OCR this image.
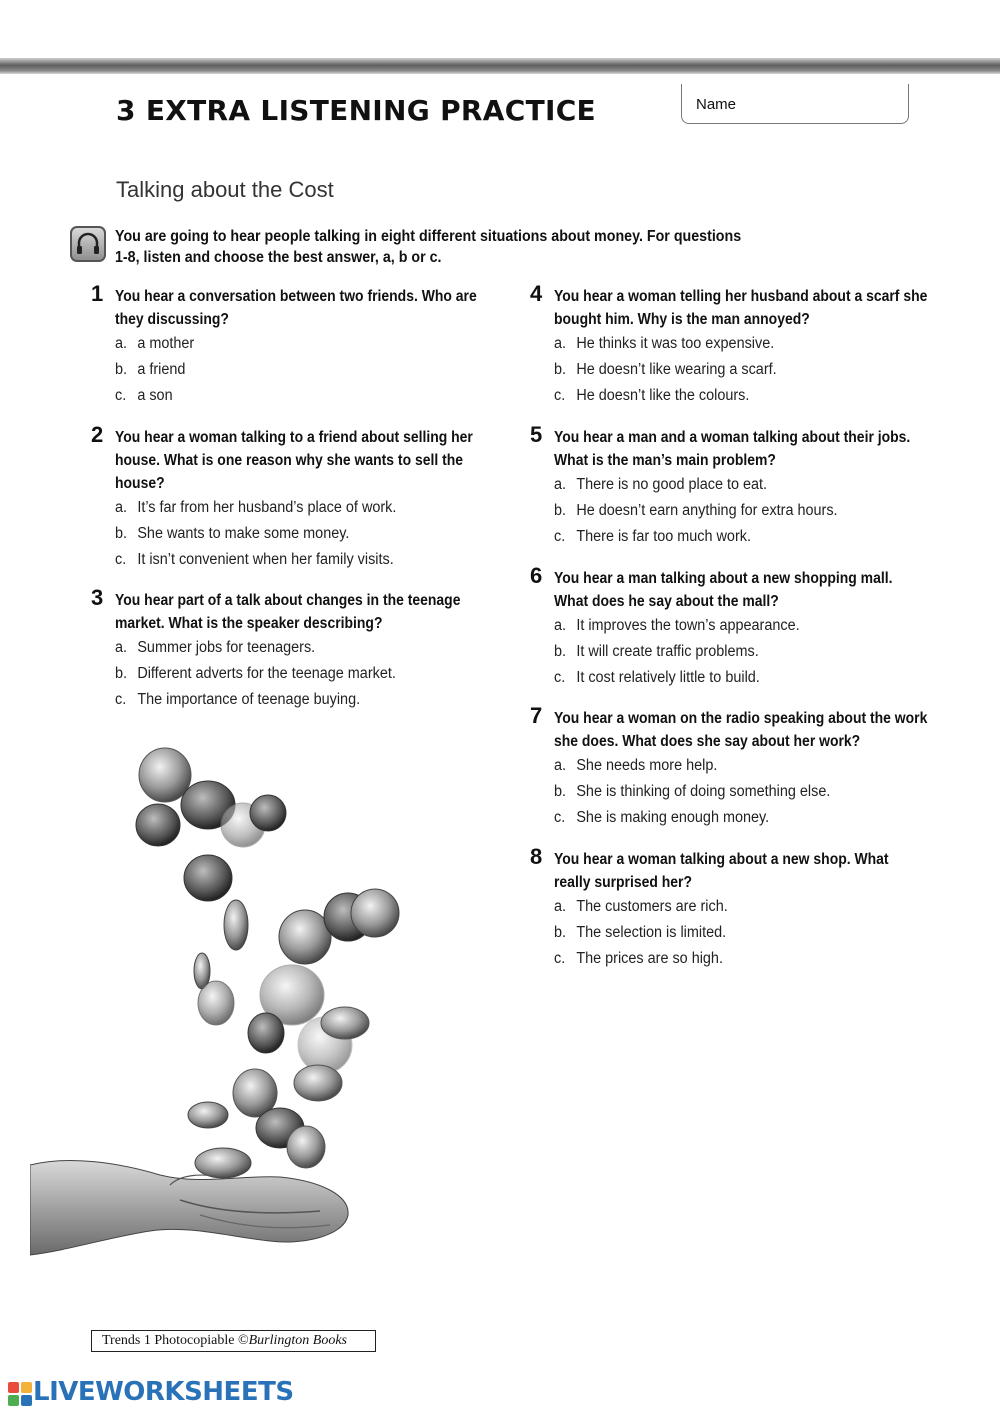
3 EXTRA LISTENING PRACTICE	Name
Talking about the Cost
You are going to hear people talking in eight different situations about money. For questions 1-8, listen and choose the best answer, a, b or c.
1 You hear a conversation between two friends. Who are they discussing?
a. a mother
b. a friend
c. a son
2 You hear a woman talking to a friend about selling her house. What is one reason why she wants to sell the house?
a. It’s far from her husband’s place of work.
b. She wants to make some money.
c. It isn’t convenient when her family visits.
3 You hear part of a talk about changes in the teenage market. What is the speaker describing?
a. Summer jobs for teenagers.
b. Different adverts for the teenage market.
c. The importance of teenage buying.
4 You hear a woman telling her husband about a scarf she bought him. Why is the man annoyed?
a. He thinks it was too expensive.
b. He doesn’t like wearing a scarf.
c. He doesn’t like the colours.
5 You hear a man and a woman talking about their jobs. What is the man’s main problem?
a. There is no good place to eat.
b. He doesn’t earn anything for extra hours.
c. There is far too much work.
6 You hear a man talking about a new shopping mall. What does he say about the mall?
a. It improves the town’s appearance.
b. It will create traffic problems.
c. It cost relatively little to build.
7 You hear a woman on the radio speaking about the work she does. What does she say about her work?
a. She needs more help.
b. She is thinking of doing something else.
c. She is making enough money.
8 You hear a woman talking about a new shop. What really surprised her?
a. The customers are rich.
b. The selection is limited.
c. The prices are so high.
Trends 1 Photocopiable ©Burlington Books
LIVEWORKSHEETS
